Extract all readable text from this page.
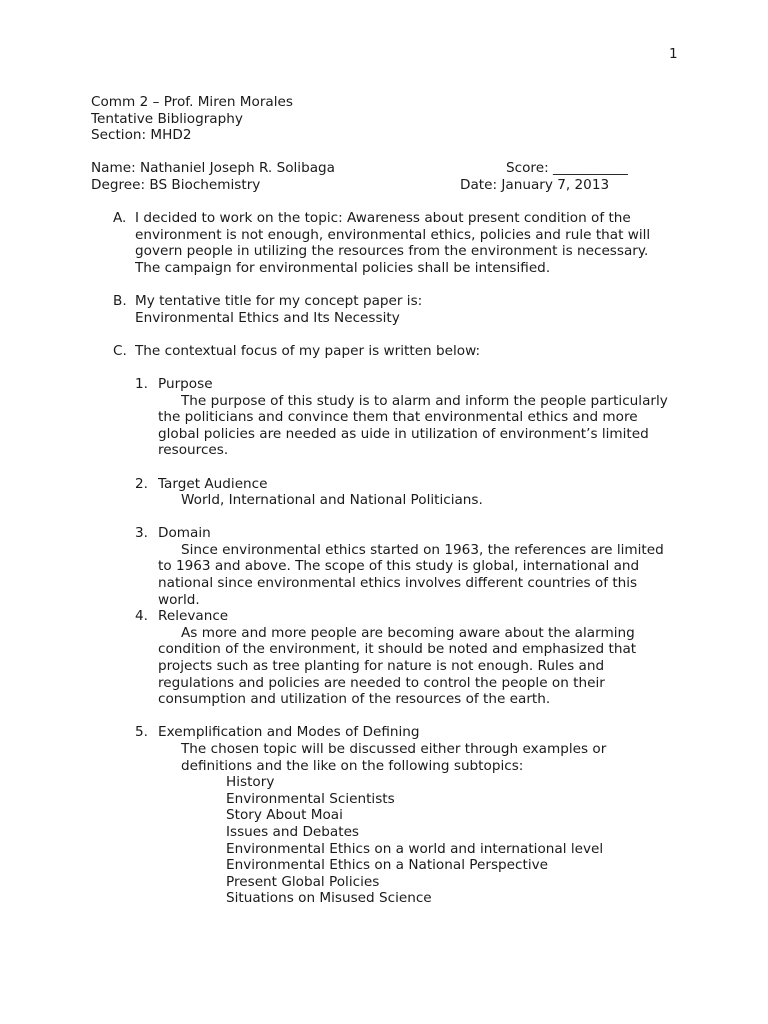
1
Comm 2 – Prof. Miren Morales
Tentative Bibliography
Section: MHD2
Name: Nathaniel Joseph R. Solibaga	Score: ___________
Degree: BS Biochemistry	Date: January 7, 2013
A. I decided to work on the topic: Awareness about present condition of the
environment is not enough, environmental ethics, policies and rule that will
govern people in utilizing the resources from the environment is necessary.
The campaign for environmental policies shall be intensified.
B. My tentative title for my concept paper is:
Environmental Ethics and Its Necessity
C. The contextual focus of my paper is written below:
1. Purpose
The purpose of this study is to alarm and inform the people particularly
the politicians and convince them that environmental ethics and more
global policies are needed as uide in utilization of environment’s limited
resources.
2. Target Audience
World, International and National Politicians.
3. Domain
Since environmental ethics started on 1963, the references are limited
to 1963 and above. The scope of this study is global, international and
national since environmental ethics involves different countries of this
world.
4. Relevance
As more and more people are becoming aware about the alarming
condition of the environment, it should be noted and emphasized that
projects such as tree planting for nature is not enough. Rules and
regulations and policies are needed to control the people on their
consumption and utilization of the resources of the earth.
5. Exemplification and Modes of Defining
The chosen topic will be discussed either through examples or
definitions and the like on the following subtopics:
History
Environmental Scientists
Story About Moai
Issues and Debates
Environmental Ethics on a world and international level
Environmental Ethics on a National Perspective
Present Global Policies
Situations on Misused Science
